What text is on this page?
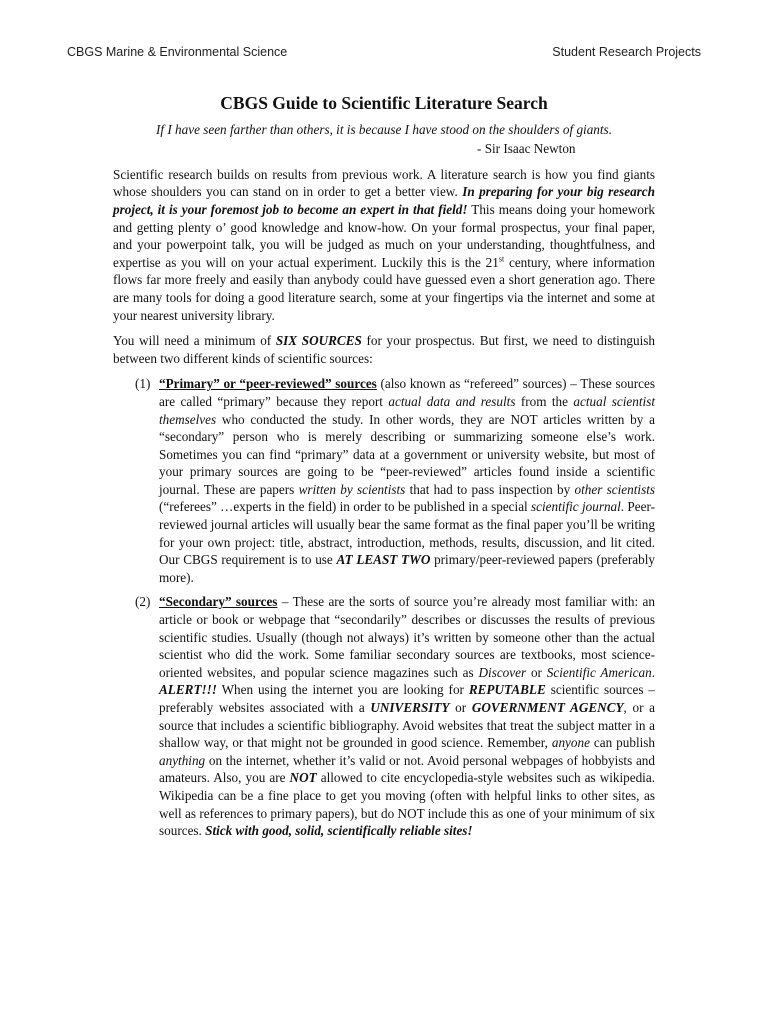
CBGS Marine & Environmental Science	Student Research Projects
CBGS Guide to Scientific Literature Search

If I have seen farther than others, it is because I have stood on the shoulders of giants.

- Sir Isaac Newton

Scientific research builds on results from previous work. A literature search is how you find giants whose shoulders you can stand on in order to get a better view. In preparing for your big research project, it is your foremost job to become an expert in that field! This means doing your homework and getting plenty o’ good knowledge and know-how. On your formal prospectus, your final paper, and your powerpoint talk, you will be judged as much on your understanding, thoughtfulness, and expertise as you will on your actual experiment. Luckily this is the 21st century, where information flows far more freely and easily than anybody could have guessed even a short generation ago. There are many tools for doing a good literature search, some at your fingertips via the internet and some at your nearest university library.

You will need a minimum of SIX SOURCES for your prospectus. But first, we need to distinguish between two different kinds of scientific sources:

(1) “Primary” or “peer-reviewed” sources (also known as “refereed” sources) – These sources are called “primary” because they report actual data and results from the actual scientist themselves who conducted the study. In other words, they are NOT articles written by a “secondary” person who is merely describing or summarizing someone else’s work. Sometimes you can find “primary” data at a government or university website, but most of your primary sources are going to be “peer-reviewed” articles found inside a scientific journal. These are papers written by scientists that had to pass inspection by other scientists (“referees” …experts in the field) in order to be published in a special scientific journal. Peer-reviewed journal articles will usually bear the same format as the final paper you’ll be writing for your own project: title, abstract, introduction, methods, results, discussion, and lit cited. Our CBGS requirement is to use AT LEAST TWO primary/peer-reviewed papers (preferably more).
(2) “Secondary” sources – These are the sorts of source you’re already most familiar with: an article or book or webpage that “secondarily” describes or discusses the results of previous scientific studies. Usually (though not always) it’s written by someone other than the actual scientist who did the work. Some familiar secondary sources are textbooks, most science-oriented websites, and popular science magazines such as Discover or Scientific American. ALERT!!! When using the internet you are looking for REPUTABLE scientific sources – preferably websites associated with a UNIVERSITY or GOVERNMENT AGENCY, or a source that includes a scientific bibliography. Avoid websites that treat the subject matter in a shallow way, or that might not be grounded in good science. Remember, anyone can publish anything on the internet, whether it’s valid or not. Avoid personal webpages of hobbyists and amateurs. Also, you are NOT allowed to cite encyclopedia-style websites such as wikipedia. Wikipedia can be a fine place to get you moving (often with helpful links to other sites, as well as references to primary papers), but do NOT include this as one of your minimum of six sources. Stick with good, solid, scientifically reliable sites!
